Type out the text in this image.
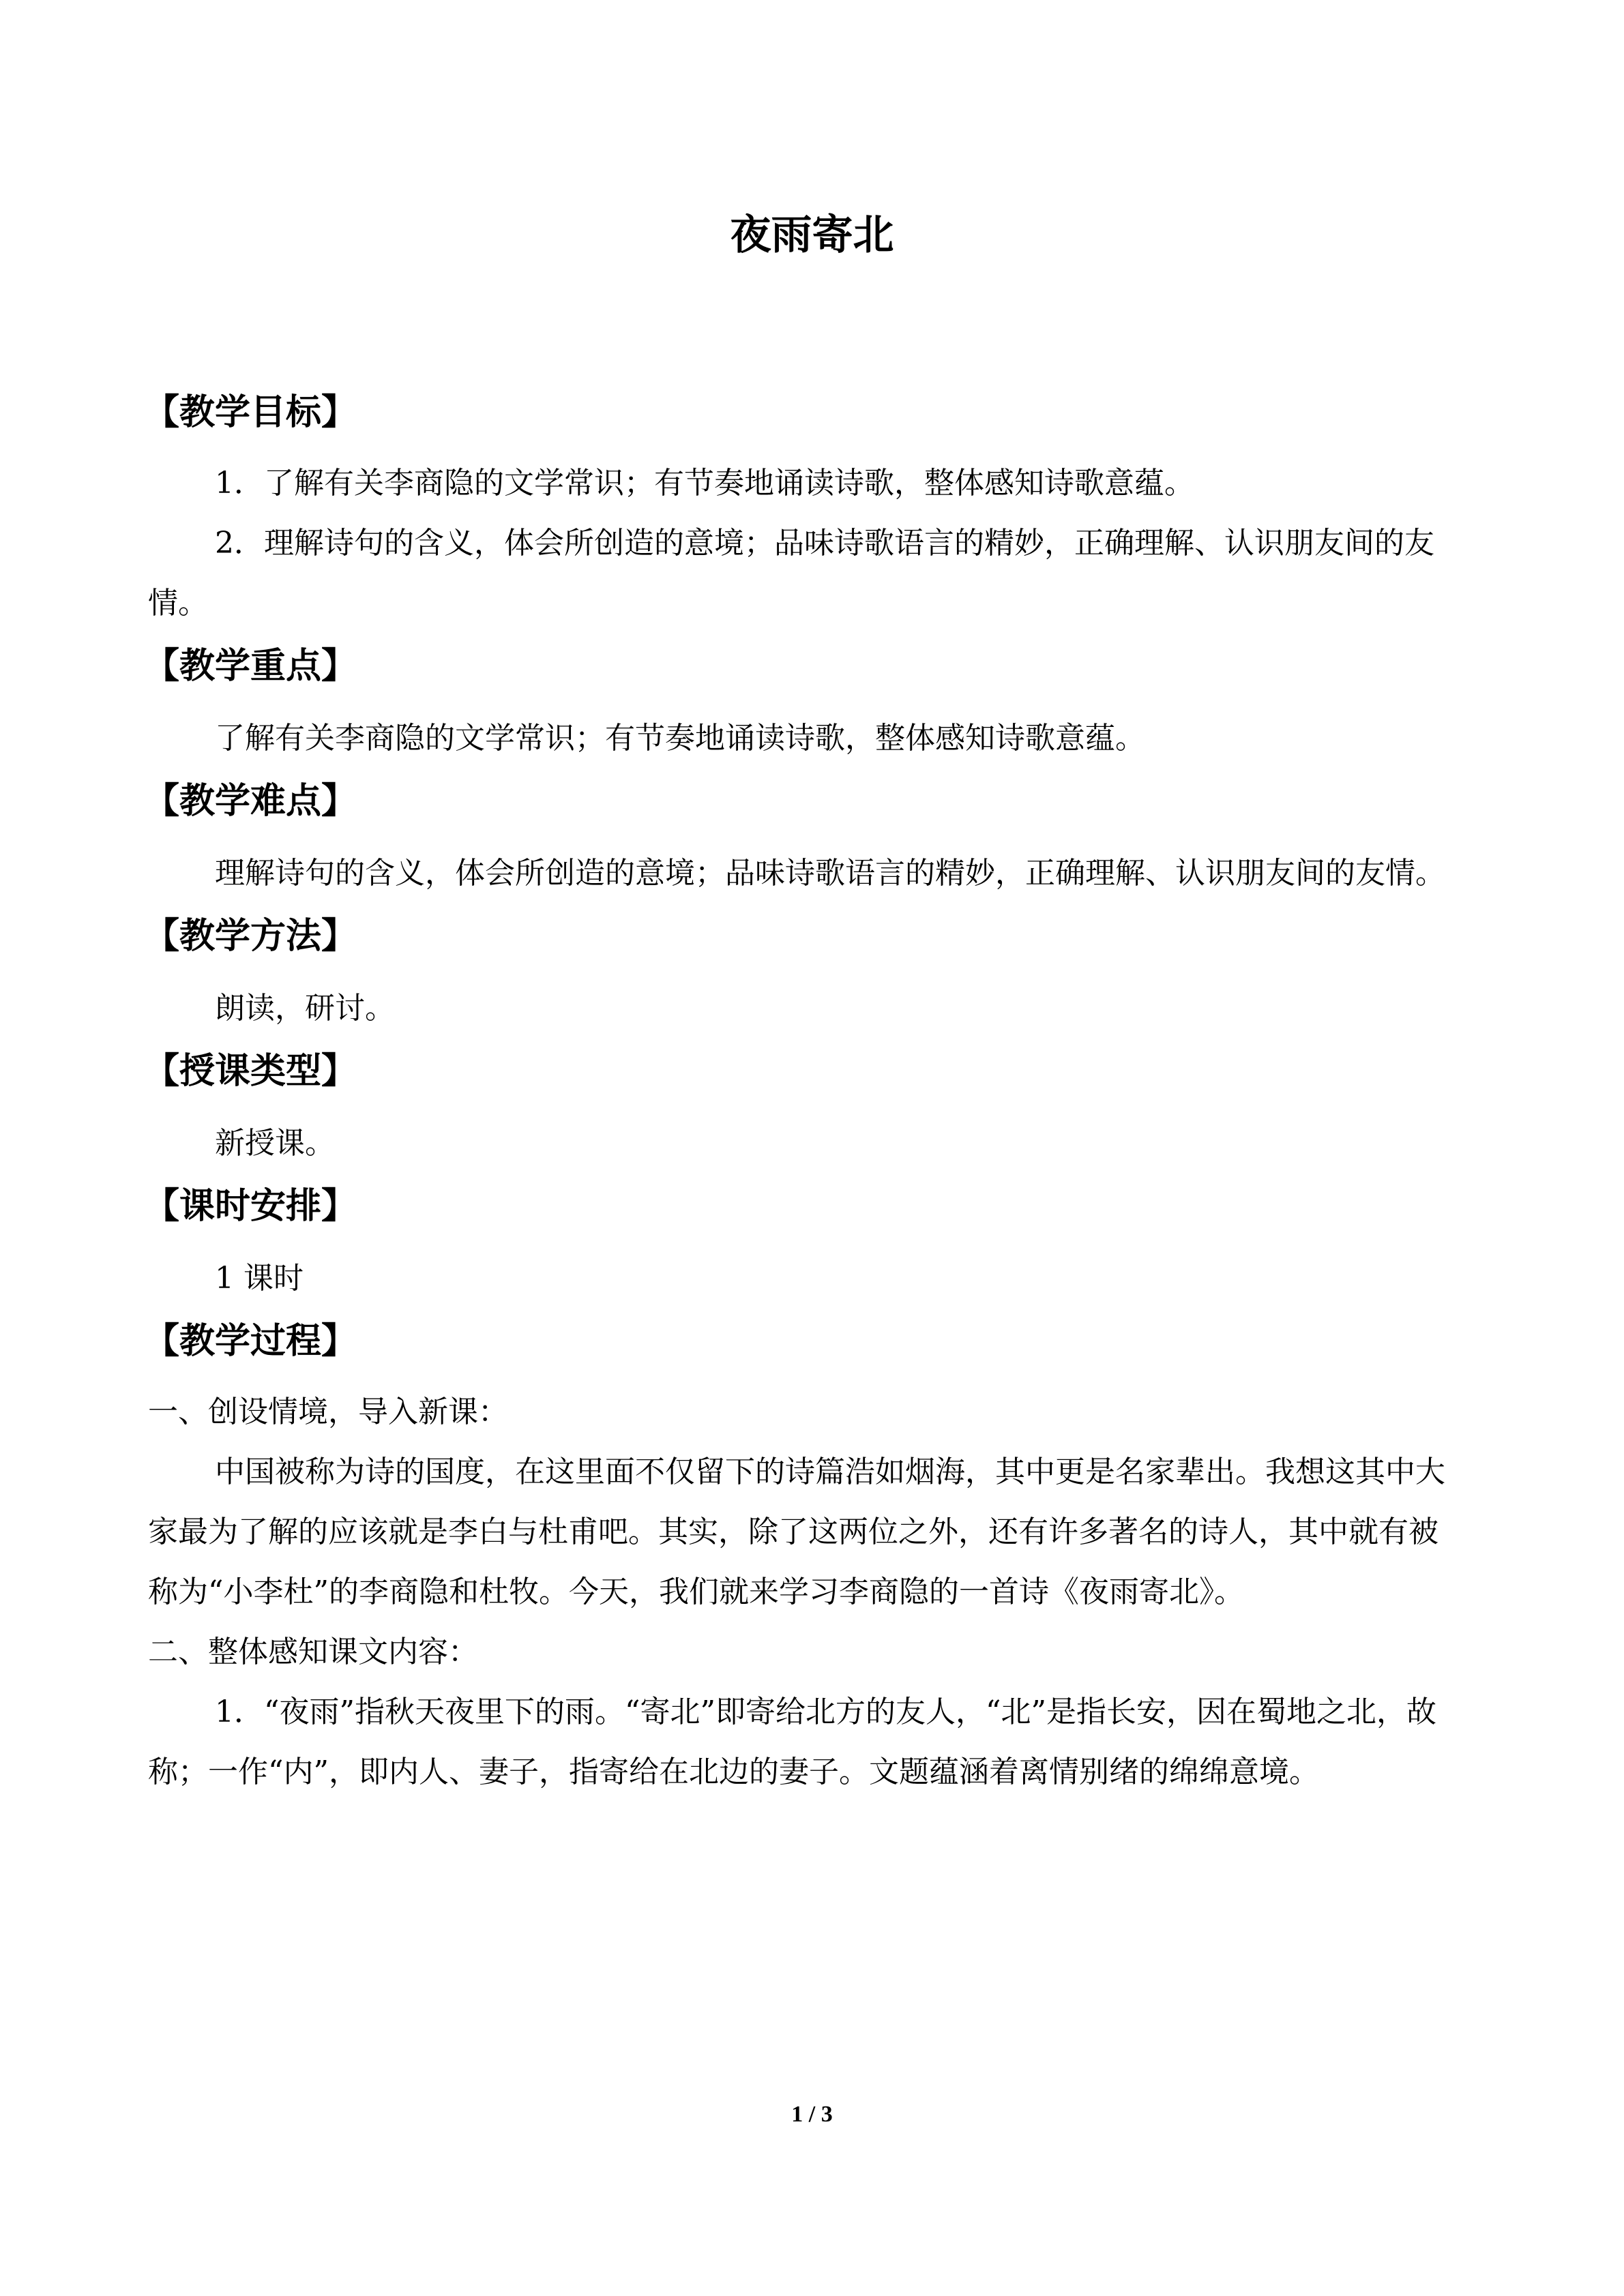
夜雨寄北
【教学目标】

1．了解有关李商隐的文学常识；有节奏地诵读诗歌，整体感知诗歌意蕴。

2．理解诗句的含义，体会所创造的意境；品味诗歌语言的精妙，正确理解、认识朋友间的友情。

【教学重点】

了解有关李商隐的文学常识；有节奏地诵读诗歌，整体感知诗歌意蕴。

【教学难点】

理解诗句的含义，体会所创造的意境；品味诗歌语言的精妙，正确理解、认识朋友间的友情。

【教学方法】

朗读，研讨。

【授课类型】

新授课。

【课时安排】

1 课时

【教学过程】

一、创设情境，导入新课：

中国被称为诗的国度，在这里面不仅留下的诗篇浩如烟海，其中更是名家辈出。我想这其中大家最为了解的应该就是李白与杜甫吧。其实，除了这两位之外，还有许多著名的诗人，其中就有被称为“小李杜”的李商隐和杜牧。今天，我们就来学习李商隐的一首诗《夜雨寄北》。

二、整体感知课文内容：

1．“夜雨”指秋天夜里下的雨。“寄北”即寄给北方的友人，“北”是指长安，因在蜀地之北，故称；一作“内”，即内人、妻子，指寄给在北边的妻子。文题蕴涵着离情别绪的绵绵意境。

1 / 3
